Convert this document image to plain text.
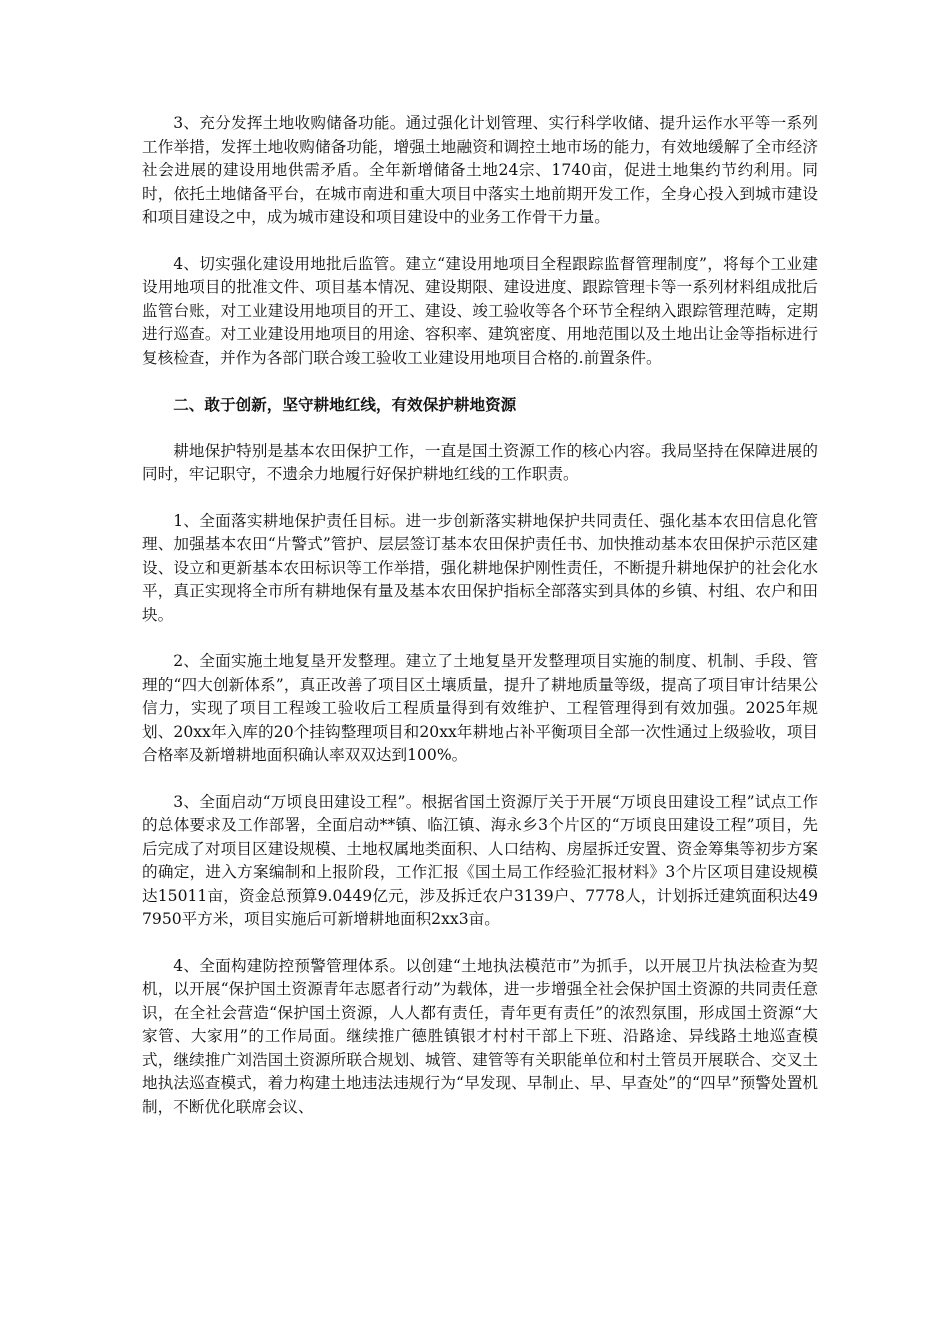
3、充分发挥土地收购储备功能。通过强化计划管理、实行科学收储、提升运作水平等一系列工作举措，发挥土地收购储备功能，增强土地融资和调控土地市场的能力，有效地缓解了全市经济社会进展的建设用地供需矛盾。全年新增储备土地24宗、1740亩，促进土地集约节约利用。同时，依托土地储备平台，在城市南进和重大项目中落实土地前期开发工作，全身心投入到城市建设和项目建设之中，成为城市建设和项目建设中的业务工作骨干力量。

4、切实强化建设用地批后监管。建立“建设用地项目全程跟踪监督管理制度”，将每个工业建设用地项目的批准文件、项目基本情况、建设期限、建设进度、跟踪管理卡等一系列材料组成批后监管台账，对工业建设用地项目的开工、建设、竣工验收等各个环节全程纳入跟踪管理范畴，定期进行巡查。对工业建设用地项目的用途、容积率、建筑密度、用地范围以及土地出让金等指标进行复核检查，并作为各部门联合竣工验收工业建设用地项目合格的.前置条件。

二、敢于创新，坚守耕地红线，有效保护耕地资源

耕地保护特别是基本农田保护工作，一直是国土资源工作的核心内容。我局坚持在保障进展的同时，牢记职守，不遗余力地履行好保护耕地红线的工作职责。

1、全面落实耕地保护责任目标。进一步创新落实耕地保护共同责任、强化基本农田信息化管理、加强基本农田“片警式”管护、层层签订基本农田保护责任书、加快推动基本农田保护示范区建设、设立和更新基本农田标识等工作举措，强化耕地保护刚性责任，不断提升耕地保护的社会化水平，真正实现将全市所有耕地保有量及基本农田保护指标全部落实到具体的乡镇、村组、农户和田块。

2、全面实施土地复垦开发整理。建立了土地复垦开发整理项目实施的制度、机制、手段、管理的“四大创新体系”，真正改善了项目区土壤质量，提升了耕地质量等级，提高了项目审计结果公信力，实现了项目工程竣工验收后工程质量得到有效维护、工程管理得到有效加强。2025年规划、20xx年入库的20个挂钩整理项目和20xx年耕地占补平衡项目全部一次性通过上级验收，项目合格率及新增耕地面积确认率双双达到100%。

3、全面启动“万顷良田建设工程”。根据省国土资源厅关于开展“万顷良田建设工程”试点工作的总体要求及工作部署，全面启动**镇、临江镇、海永乡3个片区的“万顷良田建设工程”项目，先后完成了对项目区建设规模、土地权属地类面积、人口结构、房屋拆迁安置、资金筹集等初步方案的确定，进入方案编制和上报阶段，工作汇报《国土局工作经验汇报材料》3个片区项目建设规模达15011亩，资金总预算9.0449亿元，涉及拆迁农户3139户、7778人，计划拆迁建筑面积达497950平方米，项目实施后可新增耕地面积2xx3亩。

4、全面构建防控预警管理体系。以创建“土地执法模范市”为抓手，以开展卫片执法检查为契机，以开展“保护国土资源青年志愿者行动”为载体，进一步增强全社会保护国土资源的共同责任意识，在全社会营造“保护国土资源，人人都有责任，青年更有责任”的浓烈氛围，形成国土资源“大家管、大家用”的工作局面。继续推广德胜镇银才村村干部上下班、沿路途、异线路土地巡查模式，继续推广刘浩国土资源所联合规划、城管、建管等有关职能单位和村土管员开展联合、交叉土地执法巡查模式，着力构建土地违法违规行为“早发现、早制止、早、早查处”的“四早”预警处置机制，不断优化联席会议、
